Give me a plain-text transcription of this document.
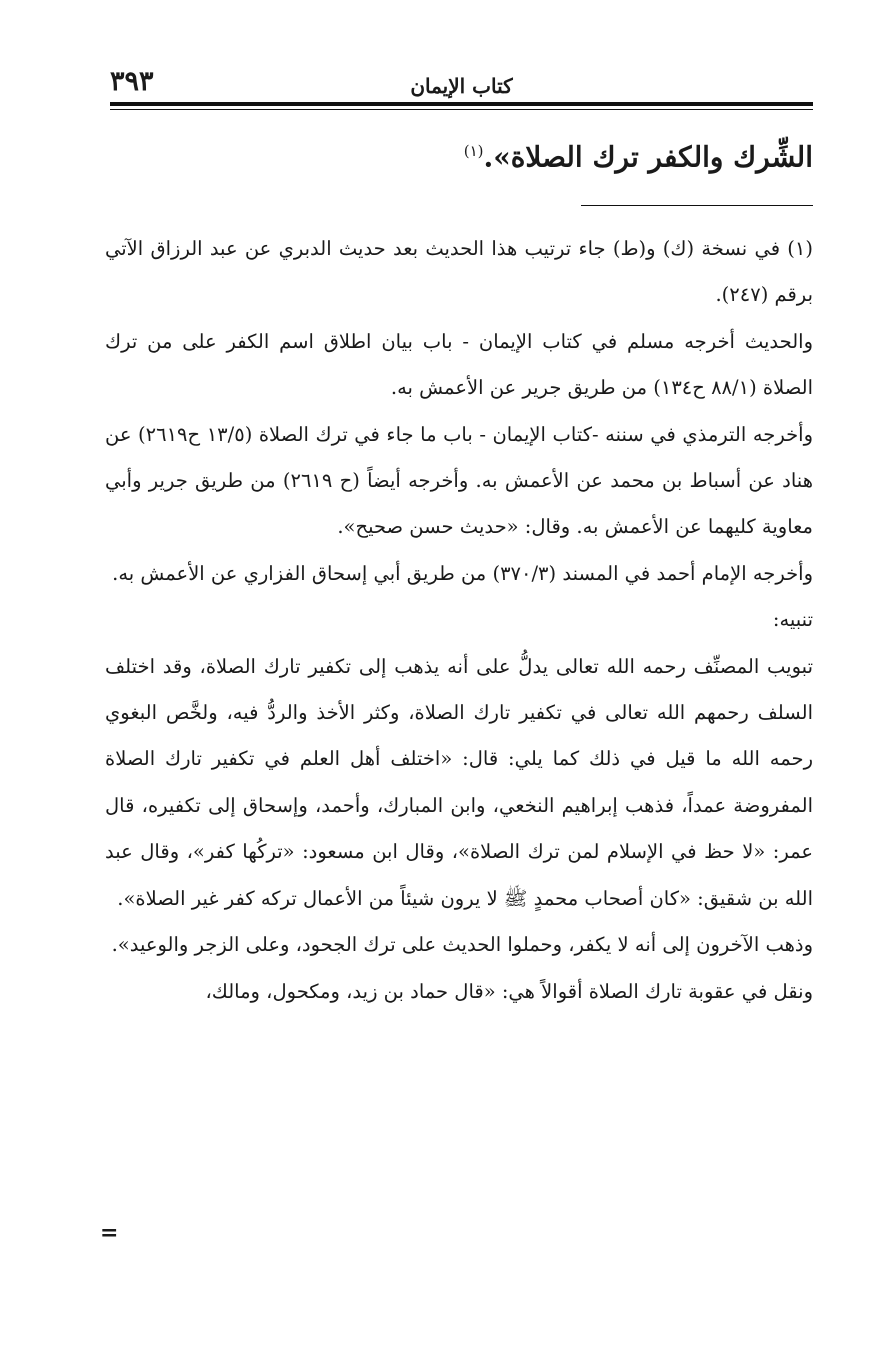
٣٩٣	كتاب الإيمان
الشِّرك والكفر ترك الصلاة».$^{(١)}$

(١) في نسخة (ك) و(ط) جاء ترتيب هذا الحديث بعد حديث الدبري عن عبد الرزاق الآتي برقم (٢٤٧).

والحديث أخرجه مسلم في كتاب الإيمان - باب بيان اطلاق اسم الكفر على من ترك الصلاة (٨٨/١ ح١٣٤) من طريق جرير عن الأعمش به.

وأخرجه الترمذي في سننه -كتاب الإيمان - باب ما جاء في ترك الصلاة (١٣/٥ ح٢٦١٩) عن هناد عن أسباط بن محمد عن الأعمش به. وأخرجه أيضاً (ح ٢٦١٩) من طريق جرير وأبي معاوية كليهما عن الأعمش به. وقال: «حديث حسن صحيح».

وأخرجه الإمام أحمد في المسند (٣٧٠/٣) من طريق أبي إسحاق الفزاري عن الأعمش به.

تنبيه:

تبويب المصنِّف رحمه الله تعالى يدلُّ على أنه يذهب إلى تكفير تارك الصلاة، وقد اختلف السلف رحمهم الله تعالى في تكفير تارك الصلاة، وكثر الأخذ والردُّ فيه، ولخَّص البغوي رحمه الله ما قيل في ذلك كما يلي: قال: «اختلف أهل العلم في تكفير تارك الصلاة المفروضة عمداً، فذهب إبراهيم النخعي، وابن المبارك، وأحمد، وإسحاق إلى تكفيره، قال عمر: «لا حظ في الإسلام لمن ترك الصلاة»، وقال ابن مسعود: «تركُها كفر»، وقال عبد الله بن شقيق: «كان أصحاب محمدٍ ﷺ لا يرون شيئاً من الأعمال تركه كفر غير الصلاة».

وذهب الآخرون إلى أنه لا يكفر، وحملوا الحديث على ترك الجحود، وعلى الزجر والوعيد».

ونقل في عقوبة تارك الصلاة أقوالاً هي: «قال حماد بن زيد، ومكحول، ومالك،

=
